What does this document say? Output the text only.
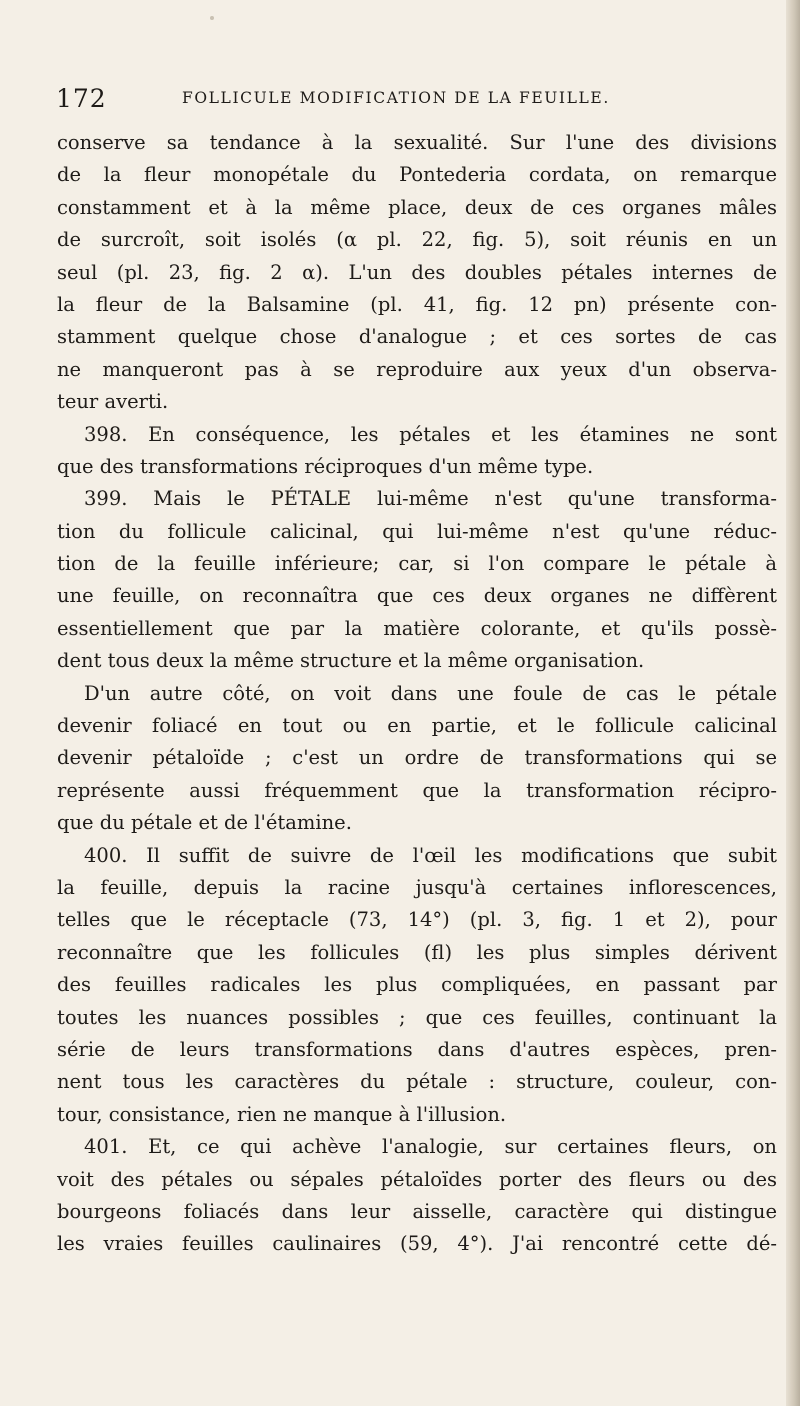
172	FOLLICULE MODIFICATION DE LA FEUILLE.
conserve sa tendance à la sexualité. Sur l'une des divisions
de la fleur monopétale du Pontederia cordata, on remarque
constamment et à la même place, deux de ces organes mâles
de surcroît, soit isolés (α pl. 22, fig. 5), soit réunis en un
seul (pl. 23, fig. 2 α). L'un des doubles pétales internes de
la fleur de la Balsamine (pl. 41, fig. 12 pn) présente con-
stamment quelque chose d'analogue ; et ces sortes de cas
ne manqueront pas à se reproduire aux yeux d'un observa-
teur averti.
398. En conséquence, les pétales et les étamines ne sont
que des transformations réciproques d'un même type.
399. Mais le PÉTALE lui-même n'est qu'une transforma-
tion du follicule calicinal, qui lui-même n'est qu'une réduc-
tion de la feuille inférieure; car, si l'on compare le pétale à
une feuille, on reconnaîtra que ces deux organes ne diffèrent
essentiellement que par la matière colorante, et qu'ils possè-
dent tous deux la même structure et la même organisation.
D'un autre côté, on voit dans une foule de cas le pétale
devenir foliacé en tout ou en partie, et le follicule calicinal
devenir pétaloïde ; c'est un ordre de transformations qui se
représente aussi fréquemment que la transformation récipro-
que du pétale et de l'étamine.
400. Il suffit de suivre de l'œil les modifications que subit
la feuille, depuis la racine jusqu'à certaines inflorescences,
telles que le réceptacle (73, 14°) (pl. 3, fig. 1 et 2), pour
reconnaître que les follicules (fl) les plus simples dérivent
des feuilles radicales les plus compliquées, en passant par
toutes les nuances possibles ; que ces feuilles, continuant la
série de leurs transformations dans d'autres espèces, pren-
nent tous les caractères du pétale : structure, couleur, con-
tour, consistance, rien ne manque à l'illusion.
401. Et, ce qui achève l'analogie, sur certaines fleurs, on
voit des pétales ou sépales pétaloïdes porter des fleurs ou des
bourgeons foliacés dans leur aisselle, caractère qui distingue
les vraies feuilles caulinaires (59, 4°). J'ai rencontré cette dé-
